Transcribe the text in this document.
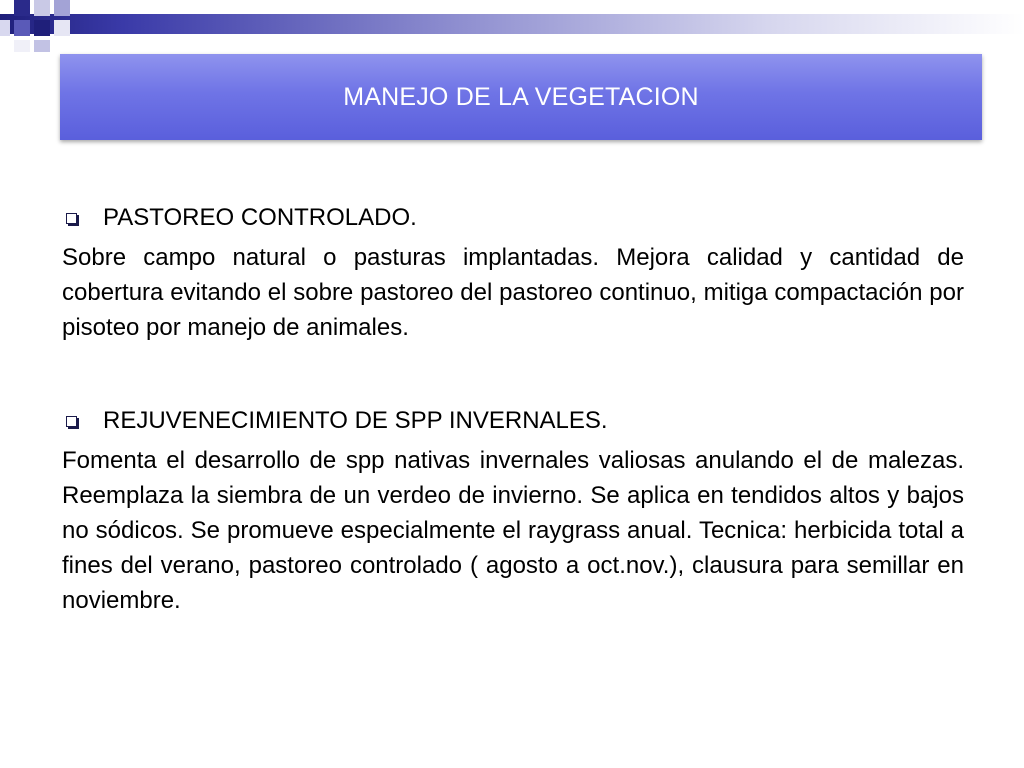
MANEJO DE LA VEGETACION
PASTOREO CONTROLADO.

Sobre campo natural o pasturas implantadas. Mejora calidad y cantidad de cobertura evitando el sobre pastoreo del pastoreo continuo, mitiga compactación por pisoteo por manejo de animales.

REJUVENECIMIENTO DE SPP INVERNALES.

Fomenta el desarrollo de spp nativas invernales valiosas anulando el de malezas. Reemplaza la siembra de un verdeo de invierno. Se aplica en tendidos altos y bajos no sódicos. Se promueve especialmente el raygrass anual. Tecnica: herbicida total a fines del verano, pastoreo controlado ( agosto a oct.nov.), clausura para semillar en noviembre.
